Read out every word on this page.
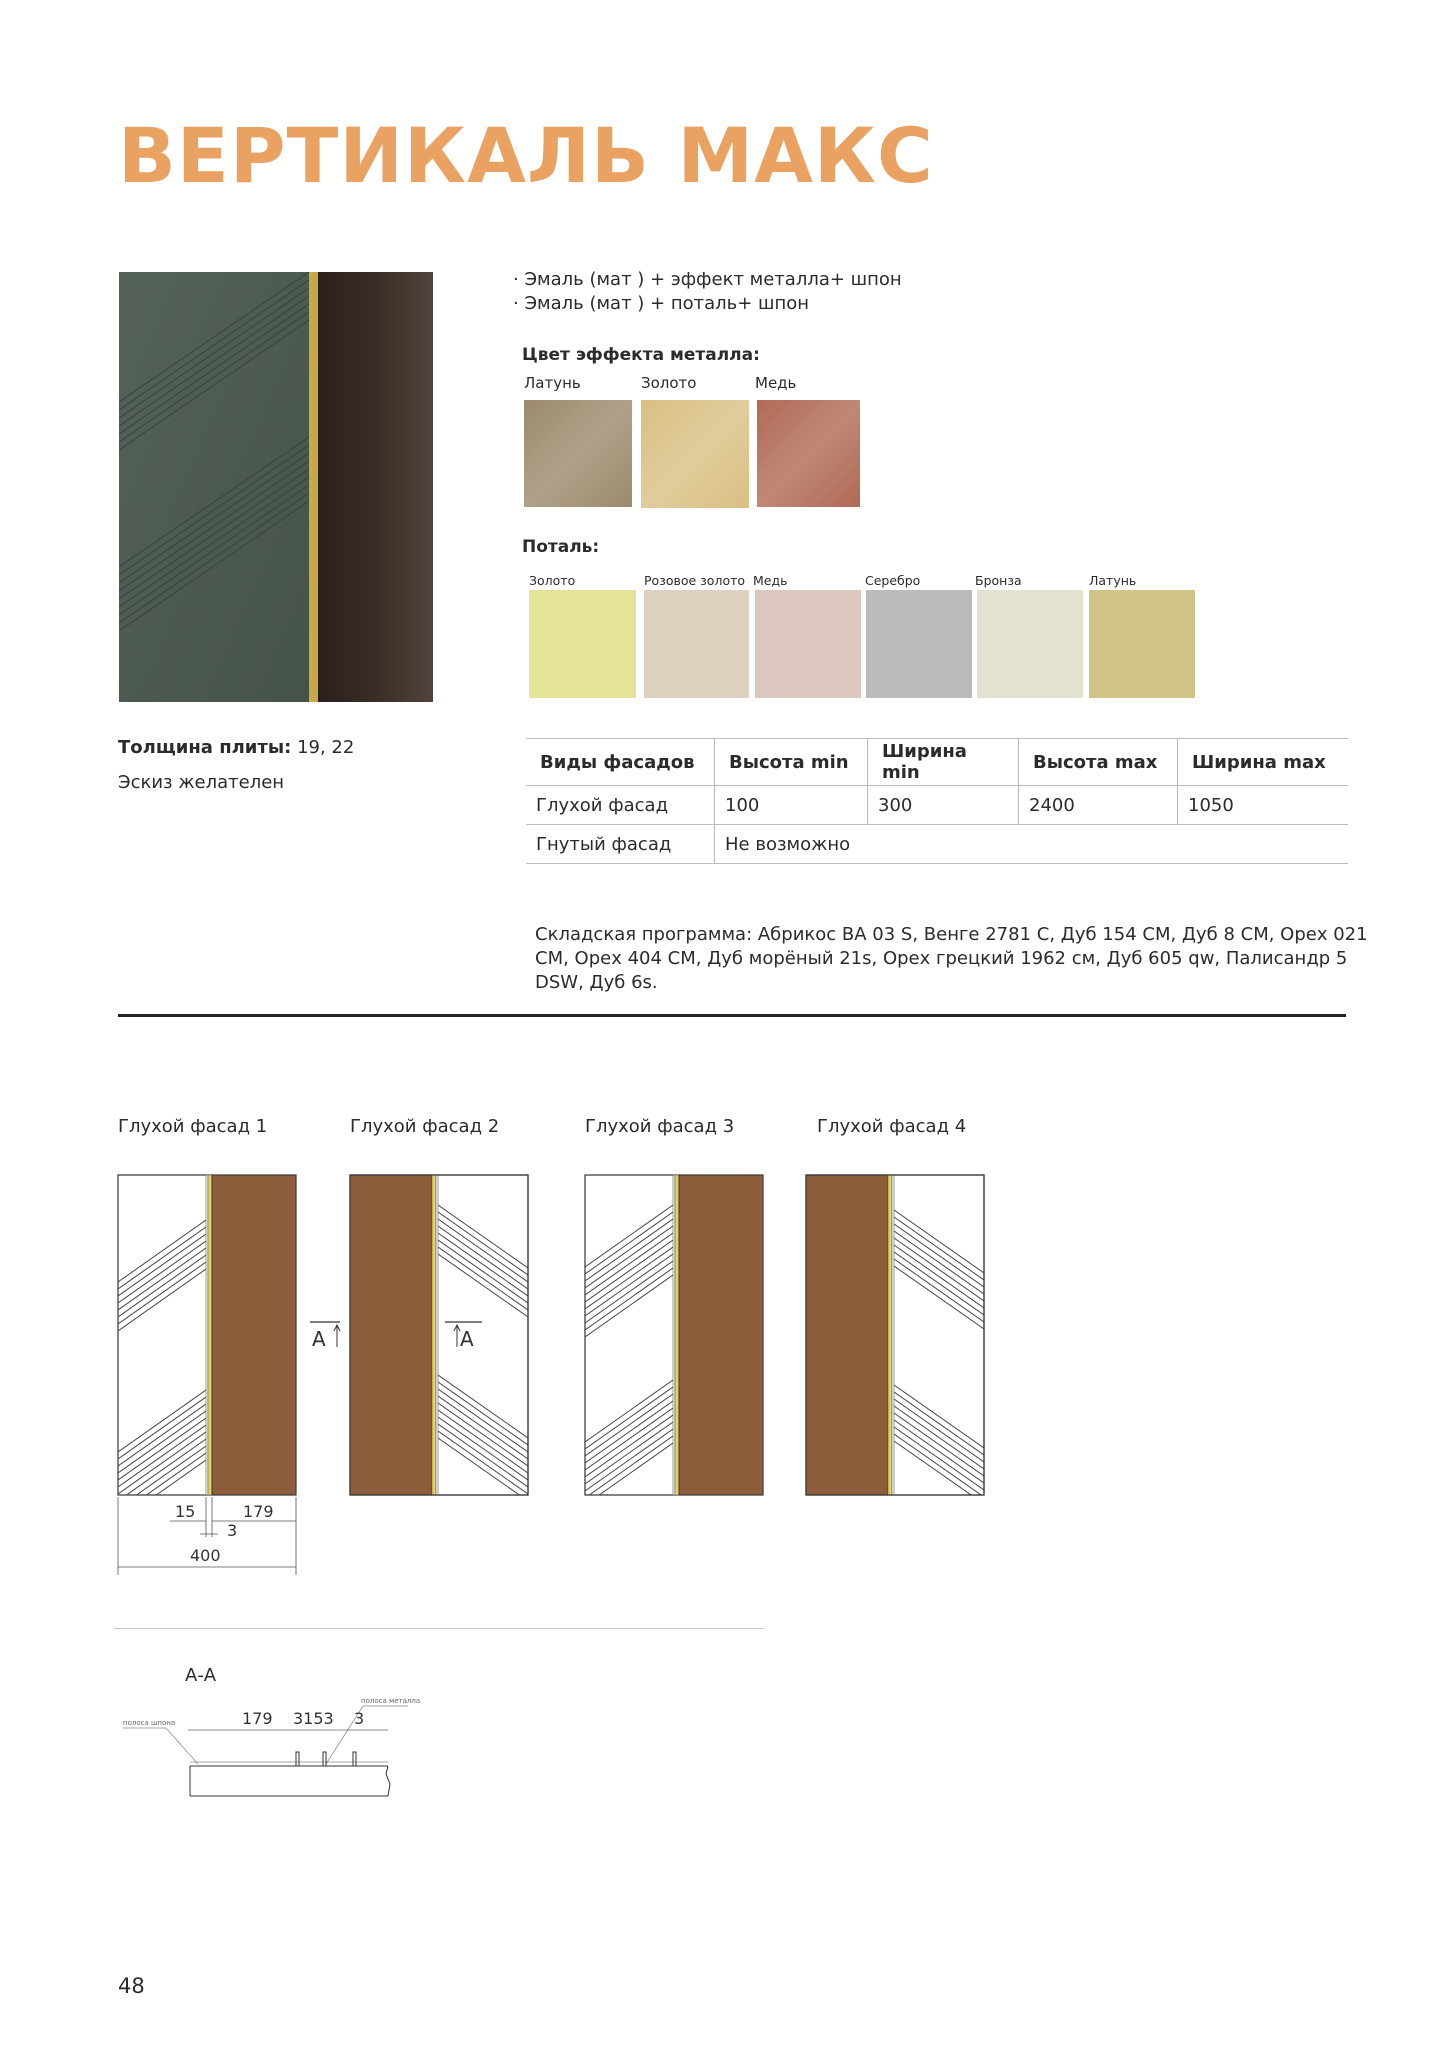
ВЕРТИКАЛЬ МАКС
· Эмаль (мат ) + эффект металла+ шпон
· Эмаль (мат ) + поталь+ шпон
Цвет эффекта металла:
Латунь	Золото	Медь
Поталь:
Золото	Розовое золото Медь	Серебро	Бронза	Латунь
Толщина плиты: 19, 22
Эскиз желателен
Виды фасадов	Высота min	Ширина min	Высота max	Ширина max
Глухой фасад	100	300	2400	1050
Гнутый фасад	Не возможно			
Складская программа: Абрикос BA 03 S, Венге 2781 C, Дуб 154 CM, Дуб 8 CM, Орех 021 CM, Орех 404 CM, Дуб морёный 21s, Орех грецкий 1962 см, Дуб 605 qw, Палисандр 5 DSW, Дуб 6s.
Глухой фасад 1	Глухой фасад 2	Глухой фасад 3	Глухой фасад 4
A	A
15	179
3
400
А-А
полоса шпона
полоса металла
179 3153 3
48
